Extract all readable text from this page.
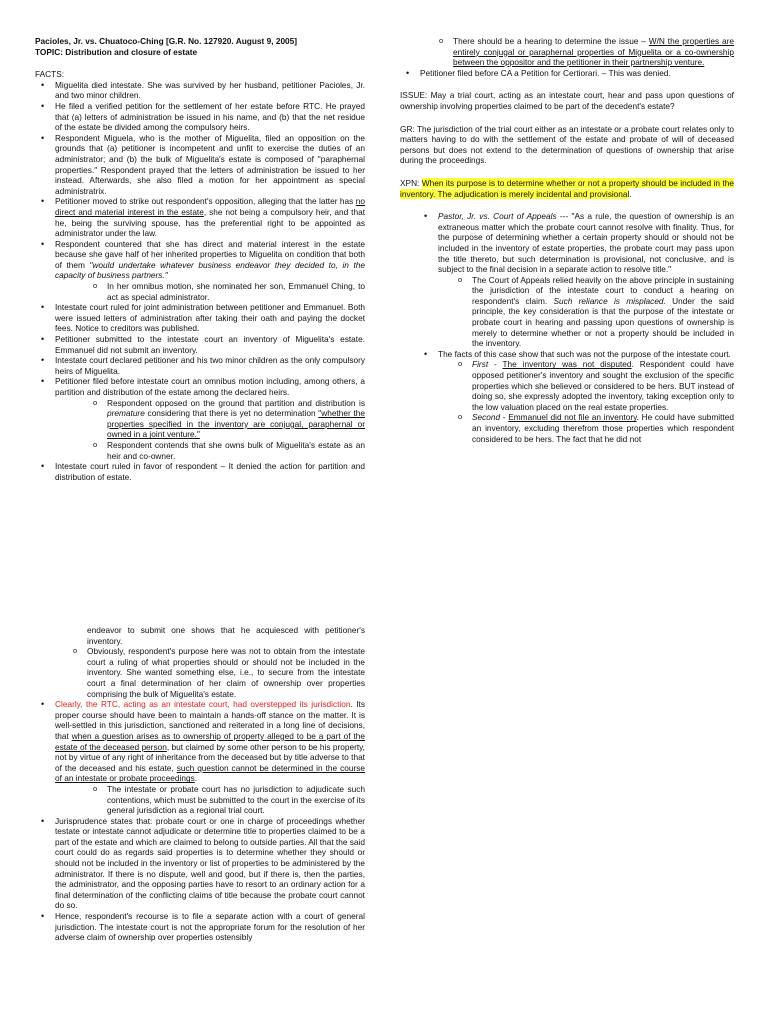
Pacioles, Jr. vs. Chuatoco-Ching [G.R. No. 127920. August 9, 2005]

TOPIC: Distribution and closure of estate

FACTS:

• Miguelita died intestate. She was survived by her husband, petitioner Pacioles, Jr. and two minor children.
• He filed a verified petition for the settlement of her estate before RTC. He prayed that (a) letters of administration be issued in his name, and (b) that the net residue of the estate be divided among the compulsory heirs.
• Respondent Miguela, who is the mother of Miguelita, filed an opposition on the grounds that (a) petitioner is incompetent and unfit to exercise the duties of an administrator; and (b) the bulk of Miguelita's estate is composed of "paraphernal properties." Respondent prayed that the letters of administration be issued to her instead. Afterwards, she also filed a motion for her appointment as special administratrix.
• Petitioner moved to strike out respondent's opposition, alleging that the latter has no direct and material interest in the estate, she not being a compulsory heir, and that he, being the surviving spouse, has the preferential right to be appointed as administrator under the law.
• Respondent countered that she has direct and material interest in the estate because she gave half of her inherited properties to Miguelita on condition that both of them "would undertake whatever business endeavor they decided to, in the capacity of business partners."
o In her omnibus motion, she nominated her son, Emmanuel Ching, to act as special administrator.
• Intestate court ruled for joint administration between petitioner and Emmanuel. Both were issued letters of administration after taking their oath and paying the docket fees. Notice to creditors was published.
• Petitioner submitted to the intestate court an inventory of Miguelita's estate. Emmanuel did not submit an inventory.
• Intestate court declared petitioner and his two minor children as the only compulsory heirs of Miguelita.
• Petitioner filed before intestate court an omnibus motion including, among others, a partition and distribution of the estate among the declared heirs.
o Respondent opposed on the ground that partition and distribution is premature considering that there is yet no determination "whether the properties specified in the inventory are conjugal, paraphernal or owned in a joint venture."
o Respondent contends that she owns bulk of Miguelita's estate as an heir and co-owner.
• Intestate court ruled in favor of respondent – It denied the action for partition and distribution of estate.
o There should be a hearing to determine the issue – W/N the properties are entirely conjugal or paraphernal properties of Miguelita or a co-ownership between the oppositor and the petitioner in their partnership venture.
• Petitioner filed before CA a Petition for Certiorari. – This was denied.

ISSUE: May a trial court, acting as an intestate court, hear and pass upon questions of ownership involving properties claimed to be part of the decedent's estate?

GR: The jurisdiction of the trial court either as an intestate or a probate court relates only to matters having to do with the settlement of the estate and probate of will of deceased persons but does not extend to the determination of questions of ownership that arise during the proceedings.

XPN: When its purpose is to determine whether or not a property should be included in the inventory. The adjudication is merely incidental and provisional.

• Pastor, Jr. vs. Court of Appeals --- "As a rule, the question of ownership is an extraneous matter which the probate court cannot resolve with finality. Thus, for the purpose of determining whether a certain property should or should not be included in the inventory of estate properties, the probate court may pass upon the title thereto, but such determination is provisional, not conclusive, and is subject to the final decision in a separate action to resolve title."
o The Court of Appeals relied heavily on the above principle in sustaining the jurisdiction of the intestate court to conduct a hearing on respondent's claim. Such reliance is misplaced. Under the said principle, the key consideration is that the purpose of the intestate or probate court in hearing and passing upon questions of ownership is merely to determine whether or not a property should be included in the inventory.
• The facts of this case show that such was not the purpose of the intestate court.
o First - The inventory was not disputed. Respondent could have opposed petitioner's inventory and sought the exclusion of the specific properties which she believed or considered to be hers. BUT instead of doing so, she expressly adopted the inventory, taking exception only to the low valuation placed on the real estate properties.
o Second - Emmanuel did not file an inventory. He could have submitted an inventory, excluding therefrom those properties which respondent considered to be hers. The fact that he did not

endeavor to submit one shows that he acquiesced with petitioner's inventory.

o Obviously, respondent's purpose here was not to obtain from the intestate court a ruling of what properties should or should not be included in the inventory. She wanted something else, i.e., to secure from the intestate court a final determination of her claim of ownership over properties comprising the bulk of Miguelita's estate.
• Clearly, the RTC, acting as an intestate court, had overstepped its jurisdiction. Its proper course should have been to maintain a hands-off stance on the matter. It is well-settled in this jurisdiction, sanctioned and reiterated in a long line of decisions, that when a question arises as to ownership of property alleged to be a part of the estate of the deceased person, but claimed by some other person to be his property, not by virtue of any right of inheritance from the deceased but by title adverse to that of the deceased and his estate, such question cannot be determined in the course of an intestate or probate proceedings.
o The intestate or probate court has no jurisdiction to adjudicate such contentions, which must be submitted to the court in the exercise of its general jurisdiction as a regional trial court.
• Jurisprudence states that: probate court or one in charge of proceedings whether testate or intestate cannot adjudicate or determine title to properties claimed to be a part of the estate and which are claimed to belong to outside parties. All that the said court could do as regards said properties is to determine whether they should or should not be included in the inventory or list of properties to be administered by the administrator. If there is no dispute, well and good, but if there is, then the parties, the administrator, and the opposing parties have to resort to an ordinary action for a final determination of the conflicting claims of title because the probate court cannot do so.
• Hence, respondent's recourse is to file a separate action with a court of general jurisdiction. The intestate court is not the appropriate forum for the resolution of her adverse claim of ownership over properties ostensibly
